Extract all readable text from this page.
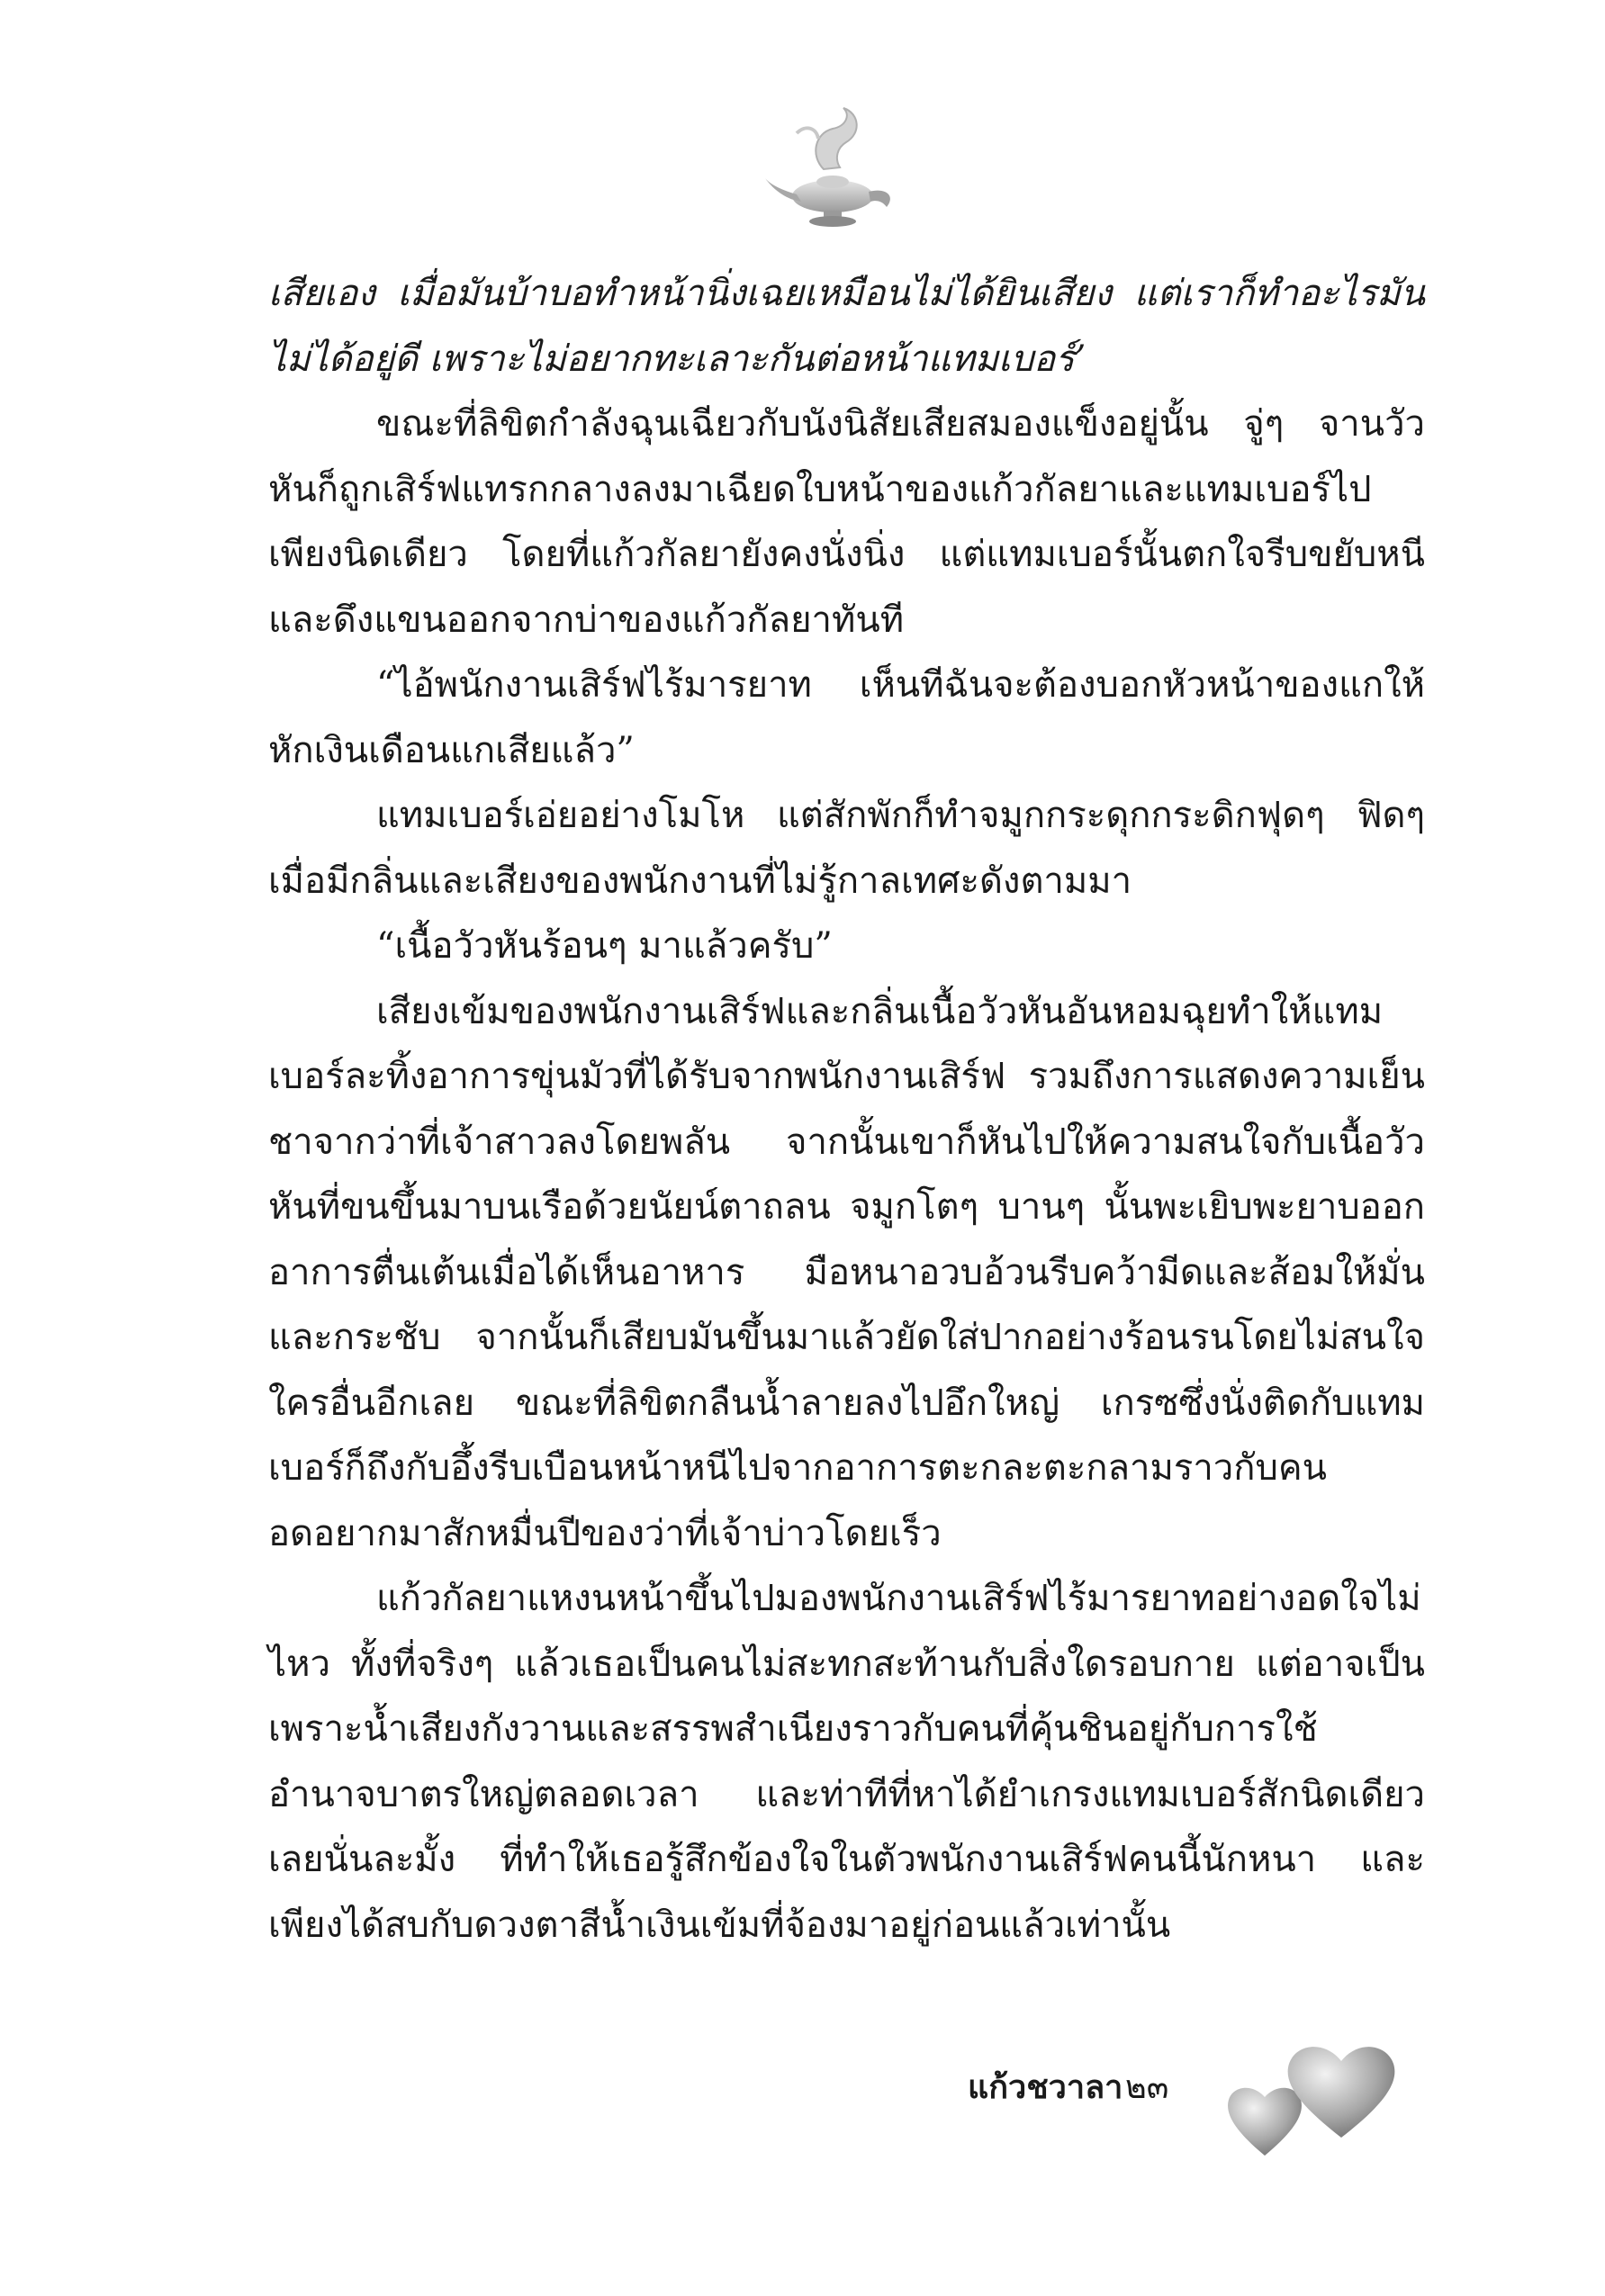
เสียเอง เมื่อมันบ้าบอทำหน้านิ่งเฉยเหมือนไม่ได้ยินเสียง แต่เราก็ทำอะไรมันไม่ได้อยู่ดี เพราะไม่อยากทะเลาะกันต่อหน้าแทมเบอร์’

ขณะที่ลิขิตกำลังฉุนเฉียวกับนังนิสัยเสียสมองแข็งอยู่นั้น จู่ๆ จานวัวหันก็ถูกเสิร์ฟแทรกกลางลงมาเฉียดใบหน้าของแก้วกัลยาและแทมเบอร์ไปเพียงนิดเดียว โดยที่แก้วกัลยายังคงนั่งนิ่ง แต่แทมเบอร์นั้นตกใจรีบขยับหนีและดึงแขนออกจากบ่าของแก้วกัลยาทันที

“ไอ้พนักงานเสิร์ฟไร้มารยาท เห็นทีฉันจะต้องบอกหัวหน้าของแกให้หักเงินเดือนแกเสียแล้ว”

แทมเบอร์เอ่ยอย่างโมโห แต่สักพักก็ทำจมูกกระดุกกระดิกฟุดๆ ฟิดๆ เมื่อมีกลิ่นและเสียงของพนักงานที่ไม่รู้กาลเทศะดังตามมา

“เนื้อวัวหันร้อนๆ มาแล้วครับ”

เสียงเข้มของพนักงานเสิร์ฟและกลิ่นเนื้อวัวหันอันหอมฉุยทำให้แทมเบอร์ละทิ้งอาการขุ่นมัวที่ได้รับจากพนักงานเสิร์ฟ รวมถึงการแสดงความเย็นชาจากว่าที่เจ้าสาวลงโดยพลัน จากนั้นเขาก็หันไปให้ความสนใจกับเนื้อวัวหันที่ขนขึ้นมาบนเรือด้วยนัยน์ตาถลน จมูกโตๆ บานๆ นั้นพะเยิบพะยาบออกอาการตื่นเต้นเมื่อได้เห็นอาหาร มือหนาอวบอ้วนรีบคว้ามีดและส้อมให้มั่นและกระชับ จากนั้นก็เสียบมันขึ้นมาแล้วยัดใส่ปากอย่างร้อนรนโดยไม่สนใจใครอื่นอีกเลย ขณะที่ลิขิตกลืนน้ำลายลงไปอึกใหญ่ เกรซซึ่งนั่งติดกับแทมเบอร์ก็ถึงกับอึ้งรีบเบือนหน้าหนีไปจากอาการตะกละตะกลามราวกับคนอดอยากมาสักหมื่นปีของว่าที่เจ้าบ่าวโดยเร็ว

แก้วกัลยาแหงนหน้าขึ้นไปมองพนักงานเสิร์ฟไร้มารยาทอย่างอดใจไม่ไหว ทั้งที่จริงๆ แล้วเธอเป็นคนไม่สะทกสะท้านกับสิ่งใดรอบกาย แต่อาจเป็นเพราะน้ำเสียงกังวานและสรรพสำเนียงราวกับคนที่คุ้นชินอยู่กับการใช้อำนาจบาตรใหญ่ตลอดเวลา และท่าทีที่หาได้ยำเกรงแทมเบอร์สักนิดเดียวเลยนั่นละมั้ง ที่ทำให้เธอรู้สึกข้องใจในตัวพนักงานเสิร์ฟคนนี้นักหนา และเพียงได้สบกับดวงตาสีน้ำเงินเข้มที่จ้องมาอยู่ก่อนแล้วเท่านั้น

แก้วชวาลา ๒๓
